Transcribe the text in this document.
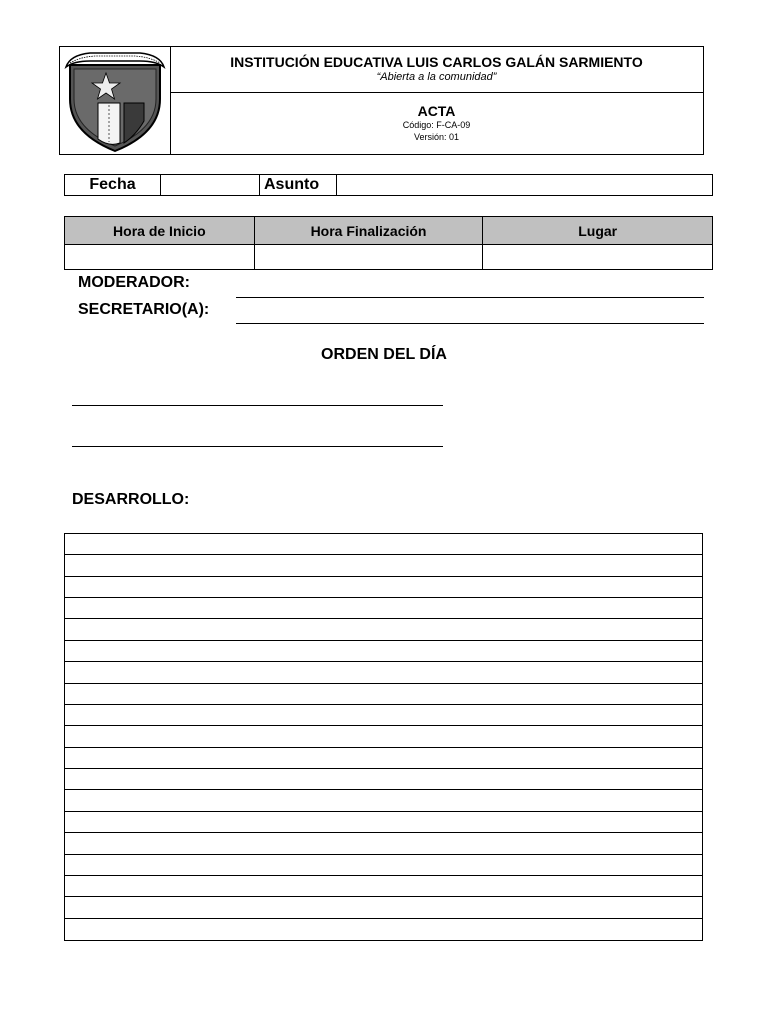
INSTITUCIÓN EDUCATIVA LUIS CARLOS GALÁN SARMIENTO
“Abierta a la comunidad”
ACTA
Código: F-CA-09
Versión: 01
Fecha	Asunto
Hora de Inicio	Hora Finalización	Lugar

MODERADOR:
SECRETARIO(A):
ORDEN DEL DÍA
DESARROLLO:
